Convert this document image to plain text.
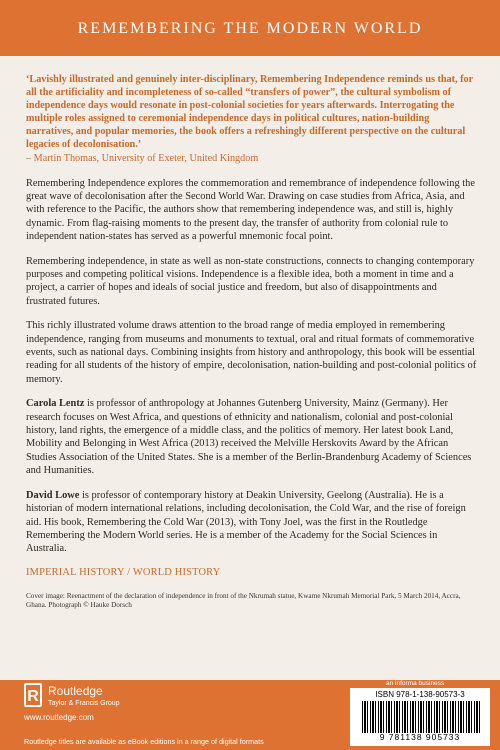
REMEMBERING THE MODERN WORLD

‘Lavishly illustrated and genuinely inter-disciplinary, Remembering Independence reminds us that, for all the artificiality and incompleteness of so-called “transfers of power”, the cultural symbolism of independence days would resonate in post-colonial societies for years afterwards. Interrogating the multiple roles assigned to ceremonial independence days in political cultures, nation-building narratives, and popular memories, the book offers a refreshingly different perspective on the cultural legacies of decolonisation.’

– Martin Thomas, University of Exeter, United Kingdom

Remembering Independence explores the commemoration and remembrance of independence following the great wave of decolonisation after the Second World War. Drawing on case studies from Africa, Asia, and with reference to the Pacific, the authors show that remembering independence was, and still is, highly dynamic. From flag-raising moments to the present day, the transfer of authority from colonial rule to independent nation-states has served as a powerful mnemonic focal point.

Remembering independence, in state as well as non-state constructions, connects to changing contemporary purposes and competing political visions. Independence is a flexible idea, both a moment in time and a project, a carrier of hopes and ideals of social justice and freedom, but also of disappointments and frustrated futures.

This richly illustrated volume draws attention to the broad range of media employed in remembering independence, ranging from museums and monuments to textual, oral and ritual formats of commemorative events, such as national days. Combining insights from history and anthropology, this book will be essential reading for all students of the history of empire, decolonisation, nation-building and post-colonial politics of memory.

Carola Lentz is professor of anthropology at Johannes Gutenberg University, Mainz (Germany). Her research focuses on West Africa, and questions of ethnicity and nationalism, colonial and post-colonial history, land rights, the emergence of a middle class, and the politics of memory. Her latest book Land, Mobility and Belonging in West Africa (2013) received the Melville Herskovits Award by the African Studies Association of the United States. She is a member of the Berlin-Brandenburg Academy of Sciences and Humanities.

David Lowe is professor of contemporary history at Deakin University, Geelong (Australia). He is a historian of modern international relations, including decolonisation, the Cold War, and the rise of foreign aid. His book, Remembering the Cold War (2013), with Tony Joel, was the first in the Routledge Remembering the Modern World series. He is a member of the Academy for the Social Sciences in Australia.

IMPERIAL HISTORY / WORLD HISTORY
Cover image: Reenactment of the declaration of independence in front of the Nkrumah statue, Kwame Nkrumah Memorial Park, 5 March 2014, Accra, Ghana. Photograph © Hauke Dorsch
R Routledge
Taylor & Francis Group
www.routledge.com
Routledge titles are available as eBook editions in a range of digital formats
an informa business
ISBN 978-1-138-90573-3
9 781138 905733
